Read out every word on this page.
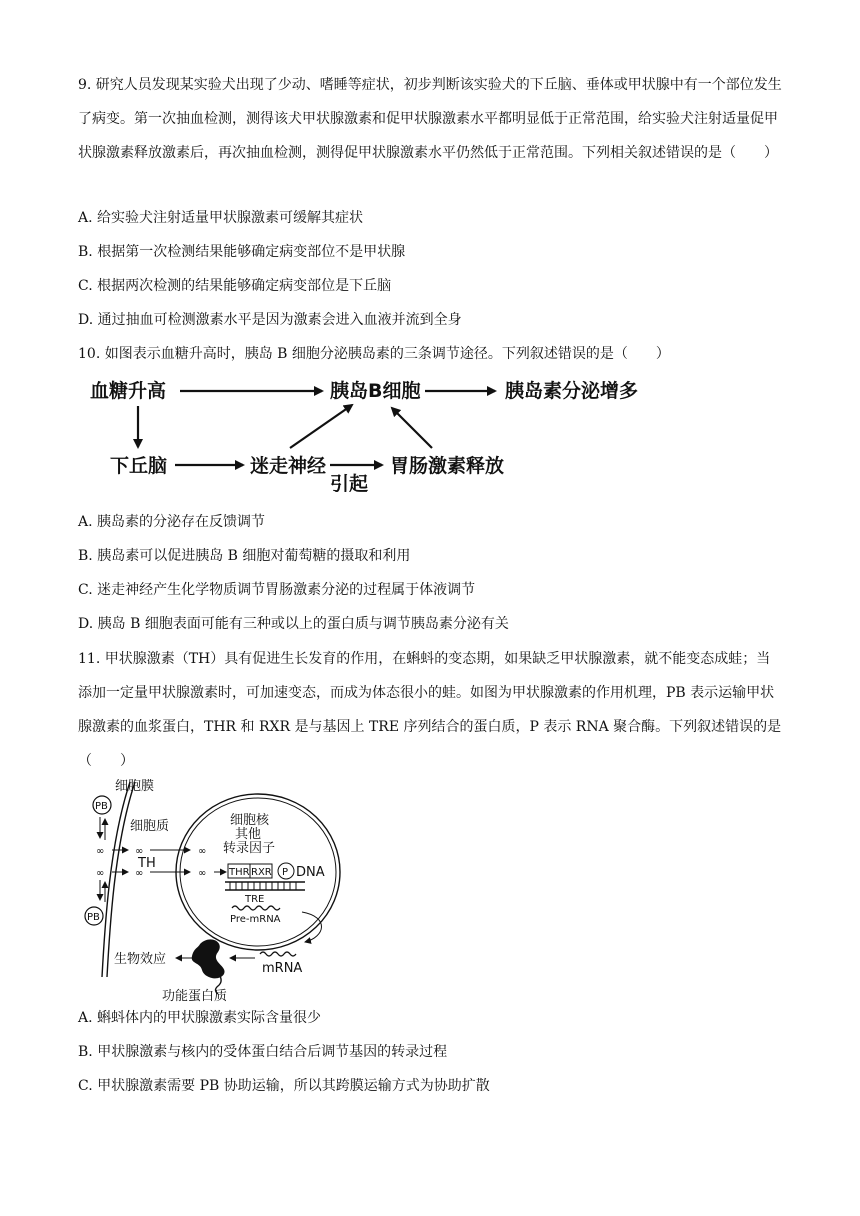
9. 研究人员发现某实验犬出现了少动、嗜睡等症状，初步判断该实验犬的下丘脑、垂体或甲状腺中有一个部位发生了病变。第一次抽血检测，测得该犬甲状腺激素和促甲状腺激素水平都明显低于正常范围，给实验犬注射适量促甲状腺激素释放激素后，再次抽血检测，测得促甲状腺激素水平仍然低于正常范围。下列相关叙述错误的是（　　）

A. 给实验犬注射适量甲状腺激素可缓解其症状

B. 根据第一次检测结果能够确定病变部位不是甲状腺

C. 根据两次检测的结果能够确定病变部位是下丘脑

D. 通过抽血可检测激素水平是因为激素会进入血液并流到全身

10. 如图表示血糖升高时，胰岛 B 细胞分泌胰岛素的三条调节途径。下列叙述错误的是（　　）

血糖升高	胰岛B细胞	胰岛素分泌增多
下丘脑	迷走神经	胃肠激素释放
引起

A. 胰岛素的分泌存在反馈调节

B. 胰岛素可以促进胰岛 B 细胞对葡萄糖的摄取和利用

C. 迷走神经产生化学物质调节胃肠激素分泌的过程属于体液调节

D. 胰岛 B 细胞表面可能有三种或以上的蛋白质与调节胰岛素分泌有关

11. 甲状腺激素（TH）具有促进生长发育的作用，在蝌蚪的变态期，如果缺乏甲状腺激素，就不能变态成蛙；当添加一定量甲状腺激素时，可加速变态，而成为体态很小的蛙。如图为甲状腺激素的作用机理，PB 表示运输甲状腺激素的血浆蛋白，THR 和 RXR 是与基因上 TRE 序列结合的蛋白质，P 表示 RNA 聚合酶。下列叙述错误的是（　　）

细胞膜
细胞质
PB
∞	∞
TH
∞	∞
PB
细胞核
其他
转录因子
∞
∞ THR RXR P DNA
TRE
Pre-mRNA
mRNA
生物效应
功能蛋白质

A. 蝌蚪体内的甲状腺激素实际含量很少

B. 甲状腺激素与核内的受体蛋白结合后调节基因的转录过程

C. 甲状腺激素需要 PB 协助运输，所以其跨膜运输方式为协助扩散
